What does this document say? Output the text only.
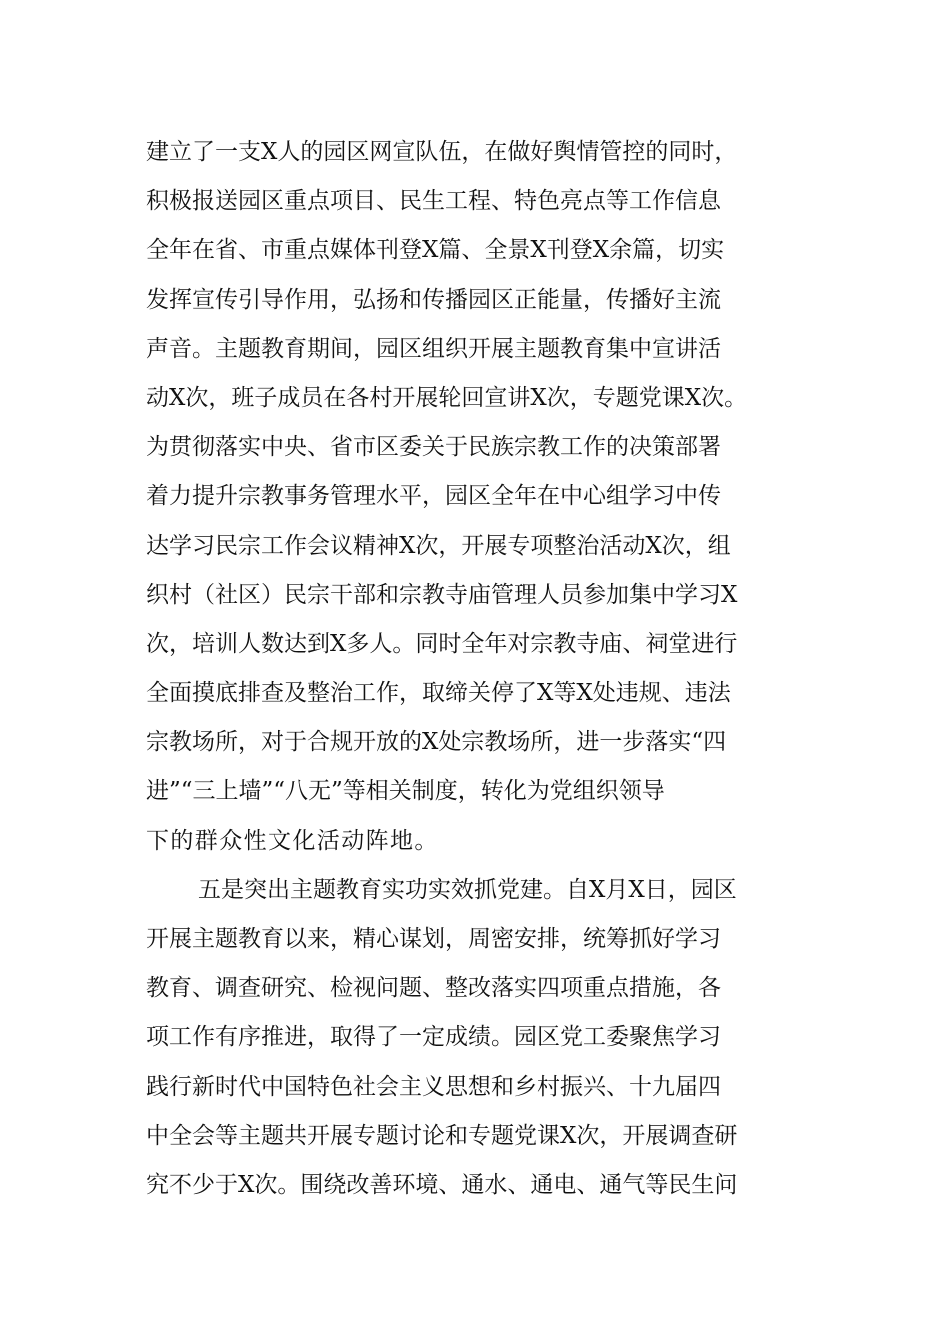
建立了一支X人的园区网宣队伍，在做好舆情管控的同时，
积极报送园区重点项目、民生工程、特色亮点等工作信息
全年在省、市重点媒体刊登X篇、全景X刊登X余篇，切实
发挥宣传引导作用，弘扬和传播园区正能量，传播好主流
声音。主题教育期间，园区组织开展主题教育集中宣讲活
动X次，班子成员在各村开展轮回宣讲X次，专题党课X次。
为贯彻落实中央、省市区委关于民族宗教工作的决策部署
着力提升宗教事务管理水平，园区全年在中心组学习中传
达学习民宗工作会议精神X次，开展专项整治活动X次，组
织村（社区）民宗干部和宗教寺庙管理人员参加集中学习X
次，培训人数达到X多人。同时全年对宗教寺庙、祠堂进行
全面摸底排查及整治工作，取缔关停了X等X处违规、违法
宗教场所，对于合规开放的X处宗教场所，进一步落实“四
进”“三上墙”“八无”等相关制度，转化为党组织领导
下的群众性文化活动阵地。
五是突出主题教育实功实效抓党建。自X月X日，园区
开展主题教育以来，精心谋划，周密安排，统筹抓好学习
教育、调查研究、检视问题、整改落实四项重点措施，各
项工作有序推进，取得了一定成绩。园区党工委聚焦学习
践行新时代中国特色社会主义思想和乡村振兴、十九届四
中全会等主题共开展专题讨论和专题党课X次，开展调查研
究不少于X次。围绕改善环境、通水、通电、通气等民生问
